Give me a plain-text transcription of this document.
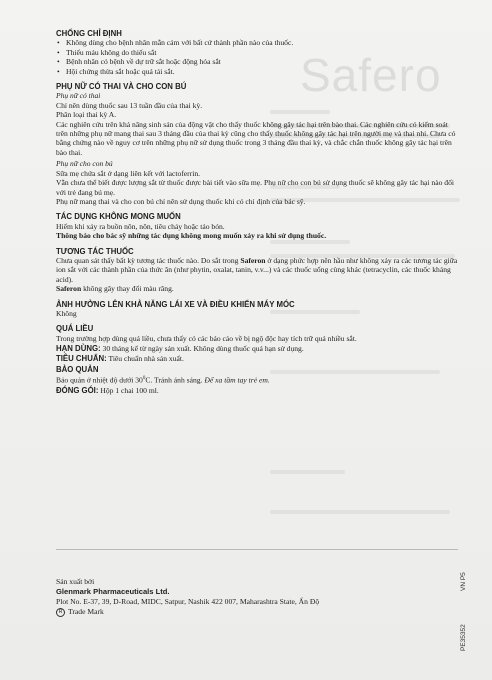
Safero
CHỐNG CHỈ ĐỊNH
• Không dùng cho bệnh nhân mẫn cảm với bất cứ thành phần nào của thuốc.
• Thiếu máu không do thiếu sắt
• Bệnh nhân có bệnh về dự trữ sắt hoặc động hóa sắt
• Hội chứng thừa sắt hoặc quá tải sắt.
PHỤ NỮ CÓ THAI VÀ CHO CON BÚ
Phụ nữ có thai

Chỉ nên dùng thuốc sau 13 tuần đầu của thai kỳ.

Phân loại thai kỳ A.

Các nghiên cứu trên khả năng sinh sản của động vật cho thấy thuốc không gây tác hại trên bào thai. Các nghiên cứu có kiểm soát trên những phụ nữ mang thai sau 3 tháng đầu của thai kỳ cũng cho thấy thuốc không gây tác hại trên người mẹ và thai nhi. Chưa có bằng chứng nào về nguy cơ trên những phụ nữ sử dụng thuốc trong 3 tháng đầu thai kỳ, và chắc chắn thuốc không gây tác hại trên bào thai.

Phụ nữ cho con bú

Sữa mẹ chứa sắt ở dạng liên kết với lactoferrin.

Vẫn chưa thể biết được lượng sắt từ thuốc được bài tiết vào sữa mẹ. Phụ nữ cho con bú sử dụng thuốc sẽ không gây tác hại nào đối với trẻ đang bú mẹ.

Phụ nữ mang thai và cho con bú chỉ nên sử dụng thuốc khi có chỉ định của bác sỹ.

TÁC DỤNG KHÔNG MONG MUỐN

Hiếm khi xảy ra buồn nôn, nôn, tiêu chảy hoặc táo bón.

Thông báo cho bác sỹ những tác dụng không mong muốn xảy ra khi sử dụng thuốc.

TƯƠNG TÁC THUỐC

Chưa quan sát thấy bất kỳ tương tác thuốc nào. Do sắt trong Saferon ở dạng phức hợp nên hầu như không xảy ra các tương tác giữa ion sắt với các thành phần của thức ăn (như phytin, oxalat, tanin, v.v...) và các thuốc uống cùng khác (tetracyclin, các thuốc kháng acid).

Saferon không gây thay đổi màu răng.

ẢNH HƯỞNG LÊN KHẢ NĂNG LÁI XE VÀ ĐIỀU KHIỂN MÁY MÓC

Không

QUÁ LIỀU

Trong trường hợp dùng quá liều, chưa thấy có các báo cáo về bị ngộ độc hay tích trữ quá nhiều sắt.

HẠN DÙNG: 30 tháng kể từ ngày sản xuất. Không dùng thuốc quá hạn sử dụng.

TIÊU CHUẨN: Tiêu chuẩn nhà sản xuất.

BẢO QUẢN

Bảo quản ở nhiệt độ dưới $30^0C$. Tránh ánh sáng. Để xa tầm tay trẻ em.

ĐÓNG GÓI: Hộp 1 chai 100 ml.

Sản xuất bởi
Glenmark Pharmaceuticals Ltd.
Plot No. E-37, 39, D-Road, MIDC, Satpur, Nashik 422 007, Maharashtra State, Ấn Độ
R Trade Mark
PE35352
VN P5
